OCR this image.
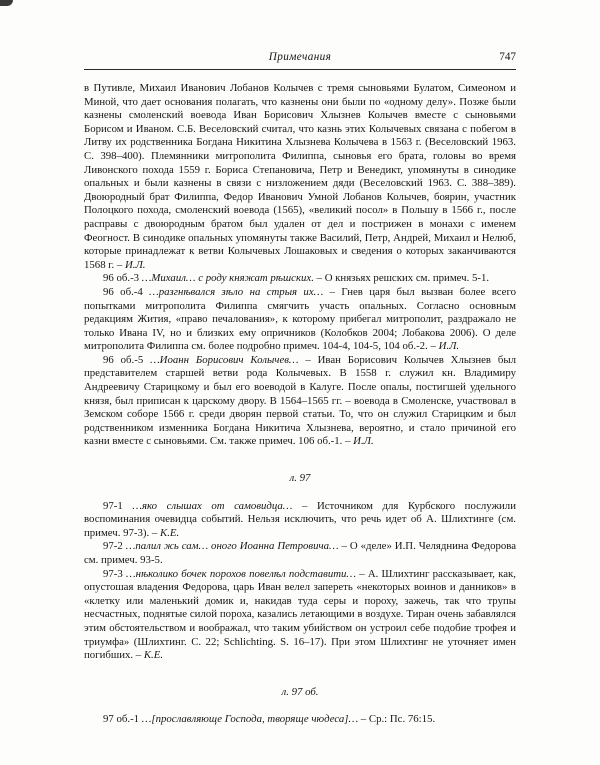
Примечания	747

в Путивле, Михаил Иванович Лобанов Колычев с тремя сыновьями Булатом, Симеоном и Миной, что дает основания полагать, что казнены они были по «одному делу». Позже были казнены смоленский воевода Иван Борисович Хлызнев Колычев вместе с сыновьями Борисом и Иваном. С.Б. Веселовский считал, что казнь этих Колычевых связана с побегом в Литву их родственника Богдана Никитина Хлызнева Колычева в 1563 г. (Веселовский 1963. С. 398–400). Племянники митрополита Филиппа, сыновья его брата, головы во время Ливонского похода 1559 г. Бориса Степановича, Петр и Венедикт, упомянуты в синодике опальных и были казнены в связи с низложением дяди (Веселовский 1963. С. 388–389). Двоюродный брат Филиппа, Федор Иванович Умной Лобанов Колычев, боярин, участник Полоцкого похода, смоленский воевода (1565), «великий посол» в Польшу в 1566 г., после расправы с двоюродным братом был удален от дел и пострижен в монахи с именем Феогност. В синодике опальных упомянуты также Василий, Петр, Андрей, Михаил и Нелюб, которые принадлежат к ветви Колычевых Лошаковых и сведения о которых заканчиваются 1568 г. – И.Л.

96 об.-3 …Михаил… с роду княжат рѣшских. – О князьях решских см. примеч. 5-1.

96 об.-4 …разгнѣвался зѣло на стрыя их… – Гнев царя был вызван более всего попытками митрополита Филиппа смягчить участь опальных. Согласно основным редакциям Жития, «право печалования», к которому прибегал митрополит, раздражало не только Ивана IV, но и близких ему опричников (Колобков 2004; Лобакова 2006). О деле митрополита Филиппа см. более подробно примеч. 104-4, 104-5, 104 об.-2. – И.Л.

96 об.-5 …Иоанн Борисович Колычев… – Иван Борисович Колычев Хлызнев был представителем старшей ветви рода Колычевых. В 1558 г. служил кн. Владимиру Андреевичу Старицкому и был его воеводой в Калуге. После опалы, постигшей удельного князя, был приписан к царскому двору. В 1564–1565 гг. – воевода в Смоленске, участвовал в Земском соборе 1566 г. среди дворян первой статьи. То, что он служил Старицким и был родственником изменника Богдана Никитича Хлызнева, вероятно, и стало причиной его казни вместе с сыновьями. См. также примеч. 106 об.-1. – И.Л.

л. 97

97-1 …яко слышах от самовидца… – Источником для Курбского послужили воспоминания очевидца событий. Нельзя исключить, что речь идет об А. Шлихтинге (см. примеч. 97-3). – К.Е.

97-2 …палил жь сам… оного Иоанна Петровича… – О «деле» И.П. Челяднина Федорова см. примеч. 93-5.

97-3 …нѣколико бочек порохов повелѣл подставити… – А. Шлихтинг рассказывает, как, опустошая владения Федорова, царь Иван велел запереть «некоторых воинов и данников» в «клетку или маленький домик и, накидав туда серы и пороху, зажечь, так что трупы несчастных, поднятые силой пороха, казались летающими в воздухе. Тиран очень забавлялся этим обстоятельством и воображал, что таким убийством он устроил себе подобие трофея и триумфа» (Шлихтинг. С. 22; Schlichting. S. 16–17). При этом Шлихтинг не уточняет имен погибших. – К.Е.

л. 97 об.

97 об.-1 …[прославляюще Господа, творяще чюдеса]… – Ср.: Пс. 76:15.
